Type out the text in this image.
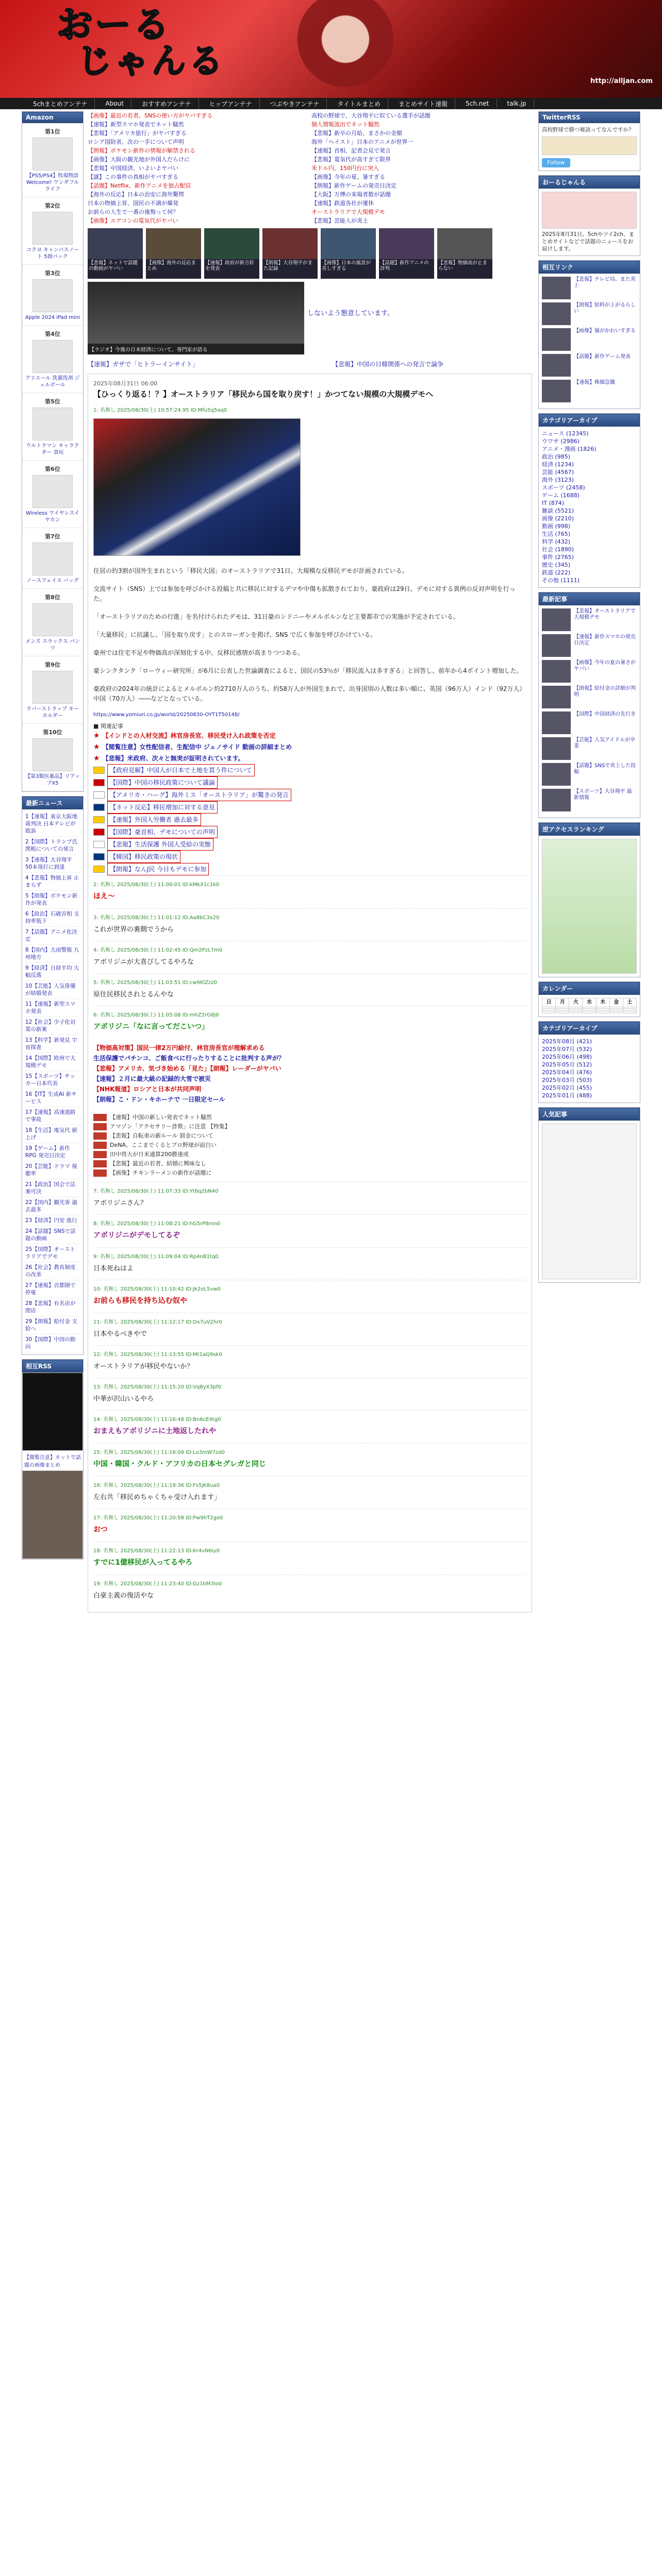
おーる
じゃんる
http://alljan.com
5chまとめアンテナ	About	おすすめアンテナ	ヒップアンテナ	つぶやきアンテナ	タイトルまとめ	まとめサイト速報	5ch.net	talk.jp
Amazon
第1位
【PS5/PS4】牧場物語 Welcome! ワンダフルライフ
第2位
コクヨ キャンパスノート 5冊パック
第3位
Apple 2024 iPad mini
第4位
アリエール 洗濯洗剤 ジェルボール
第5位
ウルトラマン キャラクター 食玩
第6位
Wireless ワイヤレスイヤホン
第7位
ノースフェイス バッグ
第8位
メンズ スラックス パンツ
第9位
ラバーストラップ キーホルダー
第10位
【第3類医薬品】リアップX5
最新ニュース
1【速報】東京大阪地裁判決 日本テレビが敗訴
2【国際】トランプ氏 関税についての発言
3【速報】大谷翔平 50本塁打に到達
4【悲報】物価上昇 止まらず
5【朗報】ポケモン新作が発表
6【政治】石破首相 支持率低下
7【話題】アニメ化決定
8【国内】大雨警報 九州地方
9【経済】日経平均 大幅反落
10【芸能】人気俳優が結婚発表
11【速報】新型スマホ発表
12【社会】少子化対策の新案
13【科学】新発見 宇宙探査
14【国際】欧州で大規模デモ
15【スポーツ】サッカー日本代表
16【IT】生成AI 新サービス
17【速報】高速道路で事故
18【生活】電気代 値上げ
19【ゲーム】新作RPG 発売日決定
20【芸能】ドラマ 視聴率
21【政治】国会で法案可決
22【国内】観光客 過去最多
23【経済】円安 進行
24【話題】SNSで話題の動画
25【国際】オーストラリアでデモ
26【社会】教育制度の改革
27【速報】首都圏で停電
28【悲報】有名店が閉店
29【朗報】給付金 支給へ
30【国際】中国の動向
相互RSS
【閲覧注意】ネットで話題の画像まとめ
【画像】最近の若者、SNSの使い方がヤバすぎる
【速報】新型スマホ発表でネット騒然
【悲報】「アメリカ旅行」がヤバすぎる
ロシア国防省、次の一手について声明
【朗報】ポケモン新作の情報が解禁される
【画像】大阪の観光地が外国人だらけに
【悲報】中国経済、いよいよヤバい
【謎】この事件の真相がヤバすぎる
【話題】Netflix、新作アニメを独占配信
【海外の反応】日本の治安に海外驚愕
日本の物価上昇、国民の不満が爆発
お前らの人生で一番の後悔って何？
【画像】エアコンの電気代がヤバい
高校の野球で、大谷翔平に似ている選手が話題
個人情報流出でネット騒然
【悲報】新卒の月給、まさかの金額
海外「ヘイスト」日本のアニメが世界一
【速報】首相、記者会見で発言
【悲報】電気代が高すぎて限界
米ドル円、150円台に突入
【画像】今年の夏、暑すぎる
【朗報】新作ゲームの発売日決定
【大阪】万博の来場者数が話題
【速報】鉄道各社が運休
オーストラリアで大規模デモ
【悲報】芸能人が炎上
【悲報】ネットで話題の動画がヤバい
【画像】海外の反応まとめ
【速報】政府が新方針を発表
【朗報】大谷翔平がまた記録
【画像】日本の風景が美しすぎる
【話題】新作アニメの評判
【悲報】物価高が止まらない
【ラジオ】今後の日本経済について、専門家が語る
しないよう懇意しています。
【速報】ガザで「ヒトラーインサイト」	【悲報】中国の日韓関係への発言で論争
2025年08月31日 06:00
【ひっくり返る！？】オーストラリア「移民から国を取り戻す！」かつてない規模の大規模デモへ
1: 名無し 2025/08/30(土) 10:57:24.95 ID:Mfu5q5aq0

住居の約3割が国外生まれという「移民大国」のオーストラリアで31日、大規模な反移民デモが計画されている。

交流サイト（SNS）上では参加を呼びかける投稿と共に移民に対するデマや中傷も拡散されており、豪政府は29日、デモに対する異例の反対声明を行った。

「オーストラリアのための行進」を名付けられたデモは、31日豪のシドニーやメルボルンなど主要都市での実施が予定されている。

「大量移民」に抗議し、「国を取り戻す」とのスローガンを掲げ、SNS で広く参加を呼びかけている。

豪州では住宅不足や物価高が深刻化する中、反移民感情が高まりつつある。

豪シンクタンク「ローウィー研究所」が6月に公表した世論調査によると、国民の53％が「移民流入は多すぎる」と回答し、前年から4ポイント増加した。

豪政府の2024年の統計によるとメルボルン約2710万人のうち、約58万人が外国生まれで、出身国別の人数は多い順に、英国（96万人）インド（92万人）中国（70万人）――などとなっている。

https://www.yomiuri.co.jp/world/20250830-OYT1T50148/
■ 関連記事
★ 【インドとの人材交流】林官房長官、移民受け入れ政策を否定
★ 【閲覧注意】女性配信者、生配信中 ジェノサイド 動画の詳細まとめ
★ 【悲報】米政府、次々と無実が証明されています。
【政府見解】中国人が日本で土地を買う件について
【国際】中国の移民政策について議論
【アメリカ・ハーグ】海外ミス「オーストラリア」が驚きの発言
【ネット反応】移民増加に対する意見
【速報】外国人労働者 過去最多
【国際】豪首相、デモについての声明
【悲報】生活保護 外国人受給の実態
【韓国】移民政策の現状
【朗報】なんJ民 今日もデモに参加
2: 名無し 2025/08/30(土) 11:00:01 ID:kMkX1c1k0
ほえ～
3: 名無し 2025/08/30(土) 11:01:12 ID:Aa8bC3x20
これが世界の裏側でうから
4: 名無し 2025/08/30(土) 11:02:45 ID:Qm2PzL7m0
アボリジニが大喜びしてるやろな
5: 名無し 2025/08/30(土) 11:03:51 ID:cw9KlZzz0
原住民移民されとるんやな
6: 名無し 2025/08/30(土) 11:05:08 ID:mhZ2rG8j0
アボリジニ「なに言ってだこいつ」
【物価高対策】国民一律2万円給付、林官房長官が理解求める
生活保護でパチンコ、ご飯食べに行ったりすることに批判する声が？
【悲報】アメリカ、気づき始める「見た」【朗報】レーダーがヤバい
【速報】２月に最大級の記録的大雪で被災
【NHK報道】ロシアと日本が共同声明
【朗報】こ・ドン・キホーテで 一日限定セール
【速報】中国の新しい発表でネット騒然
アマゾン「アクセサリー詐欺」に注意 【特集】
【悲報】自転車の新ルール 罰金について
DeNA、ここまでくるとプロ野球が面白い
田中将大が日米通算200勝達成
【悲報】最近の若者、結婚に興味なし
【画像】チキンラーメンの新作が話題に
7: 名無し 2025/08/30(土) 11:07:33 ID:Yt6q2bN40
アボリジニさん？
8: 名無し 2025/08/30(土) 11:08:21 ID:hG5rP8mn0
アボリジニがデモしてるぞ
9: 名無し 2025/08/30(土) 11:09:04 ID:Rp4nB1tq0
日本死ねはよ
10: 名無し 2025/08/30(土) 11:10:42 ID:Jk2oL5vw0
お前らも移民を持ち込む奴や
11: 名無し 2025/08/30(土) 11:12:17 ID:Dx7uV2hr0
日本やるべきやで
12: 名無し 2025/08/30(土) 11:13:55 ID:Mt1aQ9sk0
オーストラリアが移民やないか？
13: 名無し 2025/08/30(土) 11:15:20 ID:Vq8yX3pf0
中華が沢山いるやろ
14: 名無し 2025/08/30(土) 11:16:48 ID:Bn6cE4tg0
おまえもアボリジニに土地返したれや
15: 名無し 2025/08/30(土) 11:18:09 ID:Lo3mW7zd0
中国・韓国・クルド・アフリカの日本セグレガと同じ
16: 名無し 2025/08/30(土) 11:19:36 ID:Fs5jK8ua0
左右共「移民めちゃくちゃ受け入れます」
17: 名無し 2025/08/30(土) 11:20:58 ID:Pw9hT2ge0
おつ
18: 名無し 2025/08/30(土) 11:22:13 ID:Kr4vN6iy0
すでに1億移民が入ってるやろ
19: 名無し 2025/08/30(土) 11:23:40 ID:Gz1bM3lo0
白豪主義の復活やな
TwitterRSS
高校野球で勝つ秘訣ってなんですか？
Follow
おーるじゃんる
2025年8月31日。5chやツイ2ch、まとめサイトなどで話題のニュースをお届けします。
相互リンク
【悲報】テレビ局、また炎上
【朗報】給料が上がるらしい
【画像】猫がかわいすぎる
【話題】新作ゲーム発表
【速報】株価急騰
カテゴリアーカイブ
ニュース (12345)
ウワサ (2986)
アニメ・漫画 (1826)
政治 (985)
経済 (1234)
芸能 (4567)
海外 (3123)
スポーツ (2458)
ゲーム (1688)
IT (874)
雑談 (5521)
画像 (2210)
動画 (998)
生活 (765)
科学 (432)
社会 (1890)
事件 (2765)
歴史 (345)
鉄道 (222)
その他 (1111)
最新記事
【悲報】オーストラリアで大規模デモ
【速報】新作スマホの発売日決定
【画像】今年の夏の暑さがヤバい
【朗報】給付金の詳細が判明
【国際】中国経済の先行き
【芸能】人気アイドルが卒業
【話題】SNSで炎上した投稿
【スポーツ】大谷翔平 最新情報
逆アクセスランキング
カレンダー
日	月	火	水	木	金	土

カテゴリアーカイブ
2025年08月 (421)
2025年07月 (532)
2025年06月 (498)
2025年05月 (512)
2025年04月 (476)
2025年03月 (503)
2025年02月 (455)
2025年01月 (488)
人気記事
